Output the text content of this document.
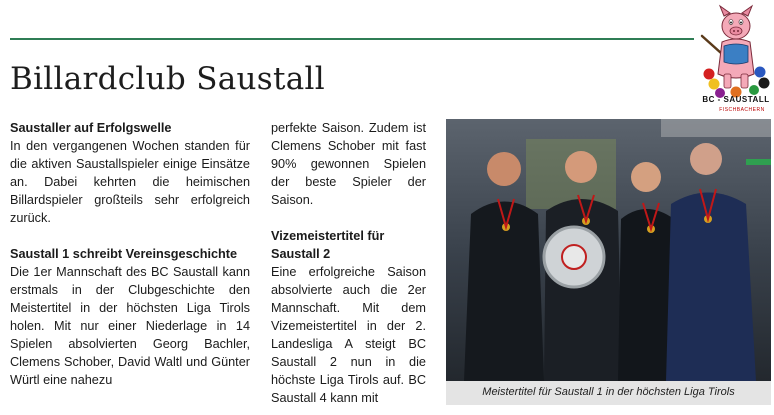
BC - SAUSTALL
FISCHBACHERN
Billardclub Saustall
Saustaller auf Erfolgswelle

In den vergangenen Wochen standen für die aktiven Saustallspieler einige Einsätze an. Dabei kehrten die heimischen Billardspieler großteils sehr erfolgreich zurück.

Saustall 1 schreibt Vereinsgeschichte

Die 1er Mannschaft des BC Saustall kann erstmals in der Clubgeschichte den Meistertitel in der höchsten Liga Tirols holen. Mit nur einer Niederlage in 14 Spielen absolvierten Georg Bachler, Clemens Schober, David Waltl und Günter Würtl eine nahezu

perfekte Saison. Zudem ist Clemens Schober mit fast 90% gewonnen Spielen der beste Spieler der Saison.

Vizemeistertitel für Saustall 2

Eine erfolgreiche Saison absolvierte auch die 2er Mannschaft. Mit dem Vizemeistertitel in der 2. Landesliga A steigt BC Saustall 2 nun in die höchste Liga Tirols auf. BC Saustall 4 kann mit	Meistertitel für Saustall 1 in der höchsten Liga Tirols
